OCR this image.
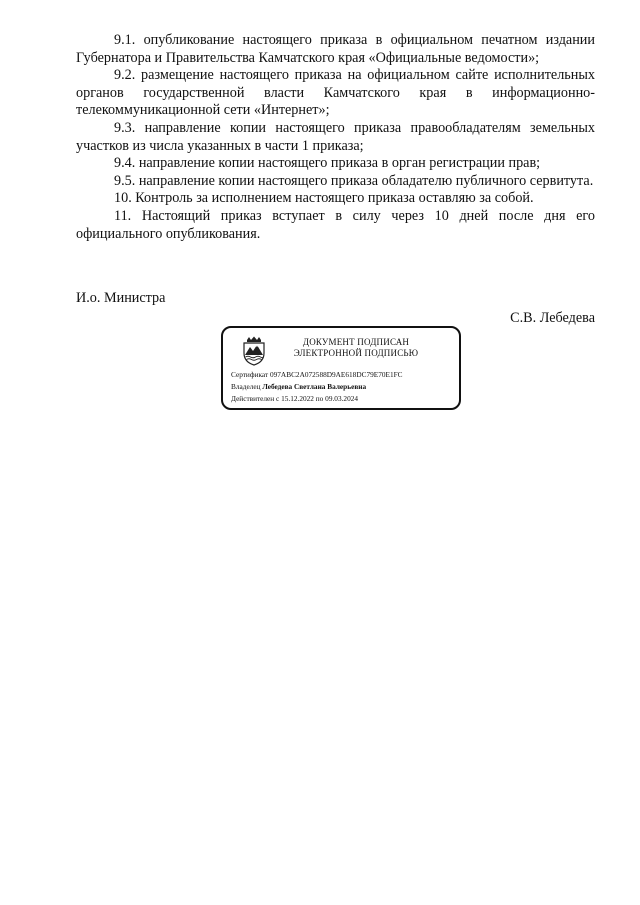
9.1. опубликование настоящего приказа в официальном печатном издании Губернатора и Правительства Камчатского края «Официальные ведомости»;

9.2. размещение настоящего приказа на официальном сайте исполнительных органов государственной власти Камчатского края в информационно-телекоммуникационной сети «Интернет»;

9.3. направление копии настоящего приказа правообладателям земельных участков из числа указанных в части 1 приказа;

9.4. направление копии настоящего приказа в орган регистрации прав;

9.5. направление копии настоящего приказа обладателю публичного сервитута.

10. Контроль за исполнением настоящего приказа оставляю за собой.

11. Настоящий приказ вступает в силу через 10 дней после дня его официального опубликования.

И.о. Министра
С.В. Лебедева
ДОКУМЕНТ ПОДПИСАН
ЭЛЕКТРОННОЙ ПОДПИСЬЮ
Сертификат 097ABC2A072588D9AE618DC79E70E1FC
Владелец Лебедева Светлана Валерьевна
Действителен с 15.12.2022 по 09.03.2024
